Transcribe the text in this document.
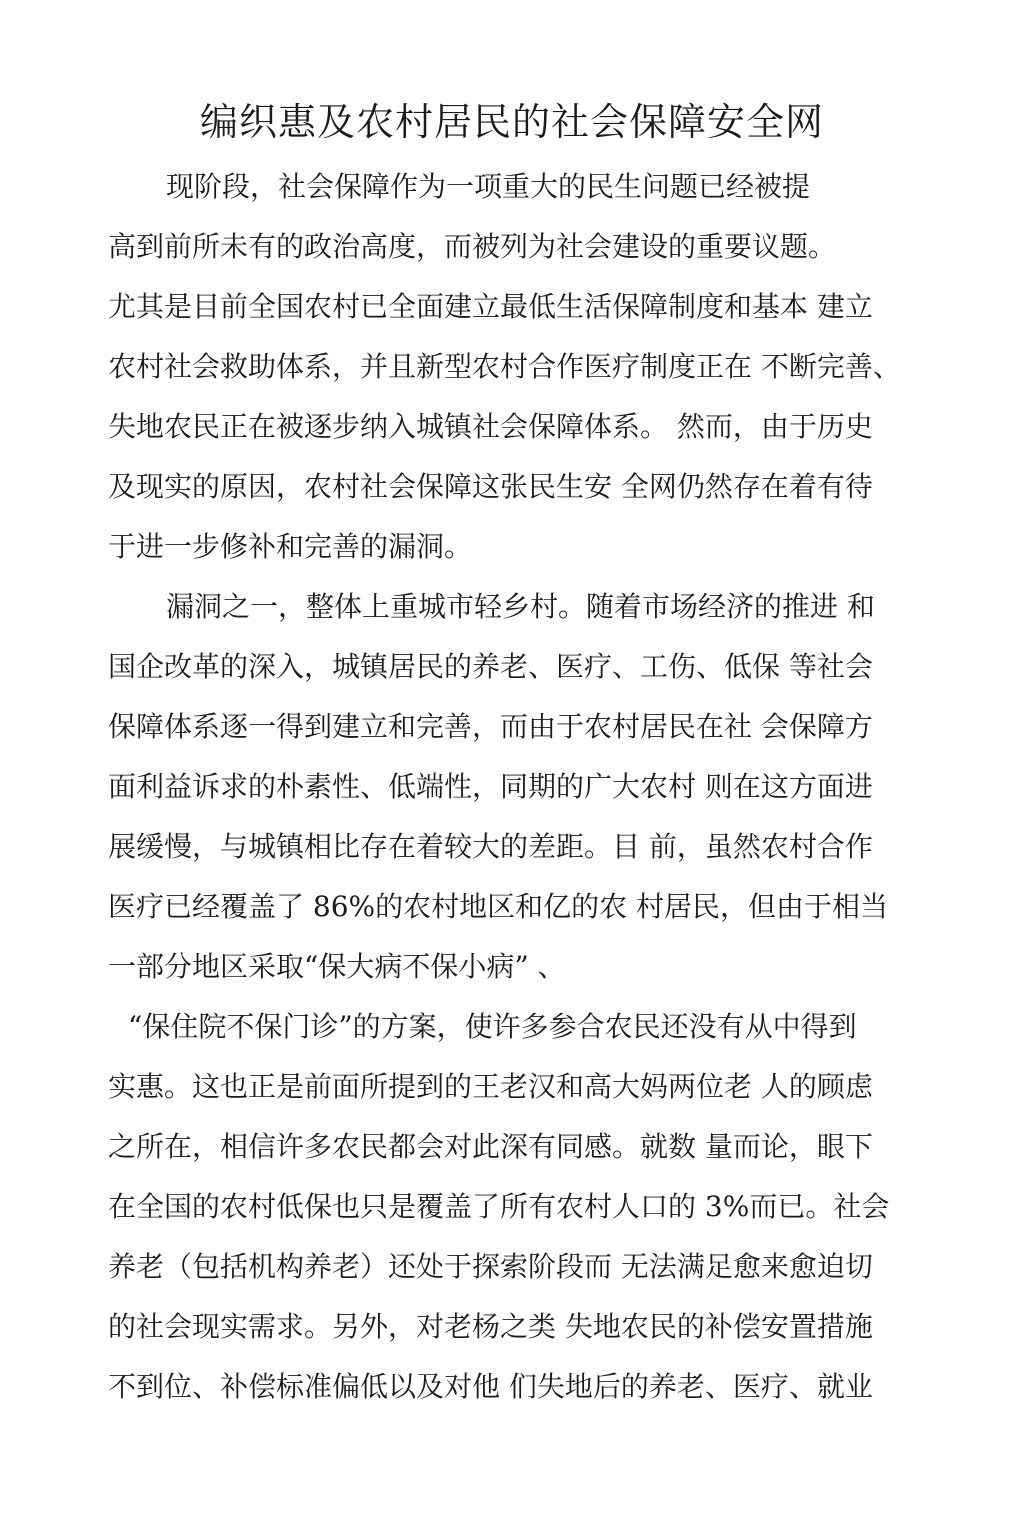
编织惠及农村居民的社会保障安全网

现阶段，社会保障作为一项重大的民生问题已经被提

高到前所未有的政治高度，而被列为社会建设的重要议题。

尤其是目前全国农村已全面建立最低生活保障制度和基本 建立

农村社会救助体系，并且新型农村合作医疗制度正在 不断完善、

失地农民正在被逐步纳入城镇社会保障体系。 然而，由于历史

及现实的原因，农村社会保障这张民生安 全网仍然存在着有待

于进一步修补和完善的漏洞。

漏洞之一，整体上重城市轻乡村。随着市场经济的推进 和

国企改革的深入，城镇居民的养老、医疗、工伤、低保 等社会

保障体系逐一得到建立和完善，而由于农村居民在社 会保障方

面利益诉求的朴素性、低端性，同期的广大农村 则在这方面进

展缓慢，与城镇相比存在着较大的差距。目 前，虽然农村合作

医疗已经覆盖了 86%的农村地区和亿的农 村居民，但由于相当

一部分地区采取“保大病不保小病” 、

“保住院不保门诊”的方案，使许多参合农民还没有从中得到

实惠。这也正是前面所提到的王老汉和高大妈两位老 人的顾虑

之所在，相信许多农民都会对此深有同感。就数 量而论，眼下

在全国的农村低保也只是覆盖了所有农村人口的 3%而已。社会

养老（包括机构养老）还处于探索阶段而 无法满足愈来愈迫切

的社会现实需求。另外，对老杨之类 失地农民的补偿安置措施

不到位、补偿标准偏低以及对他 们失地后的养老、医疗、就业
